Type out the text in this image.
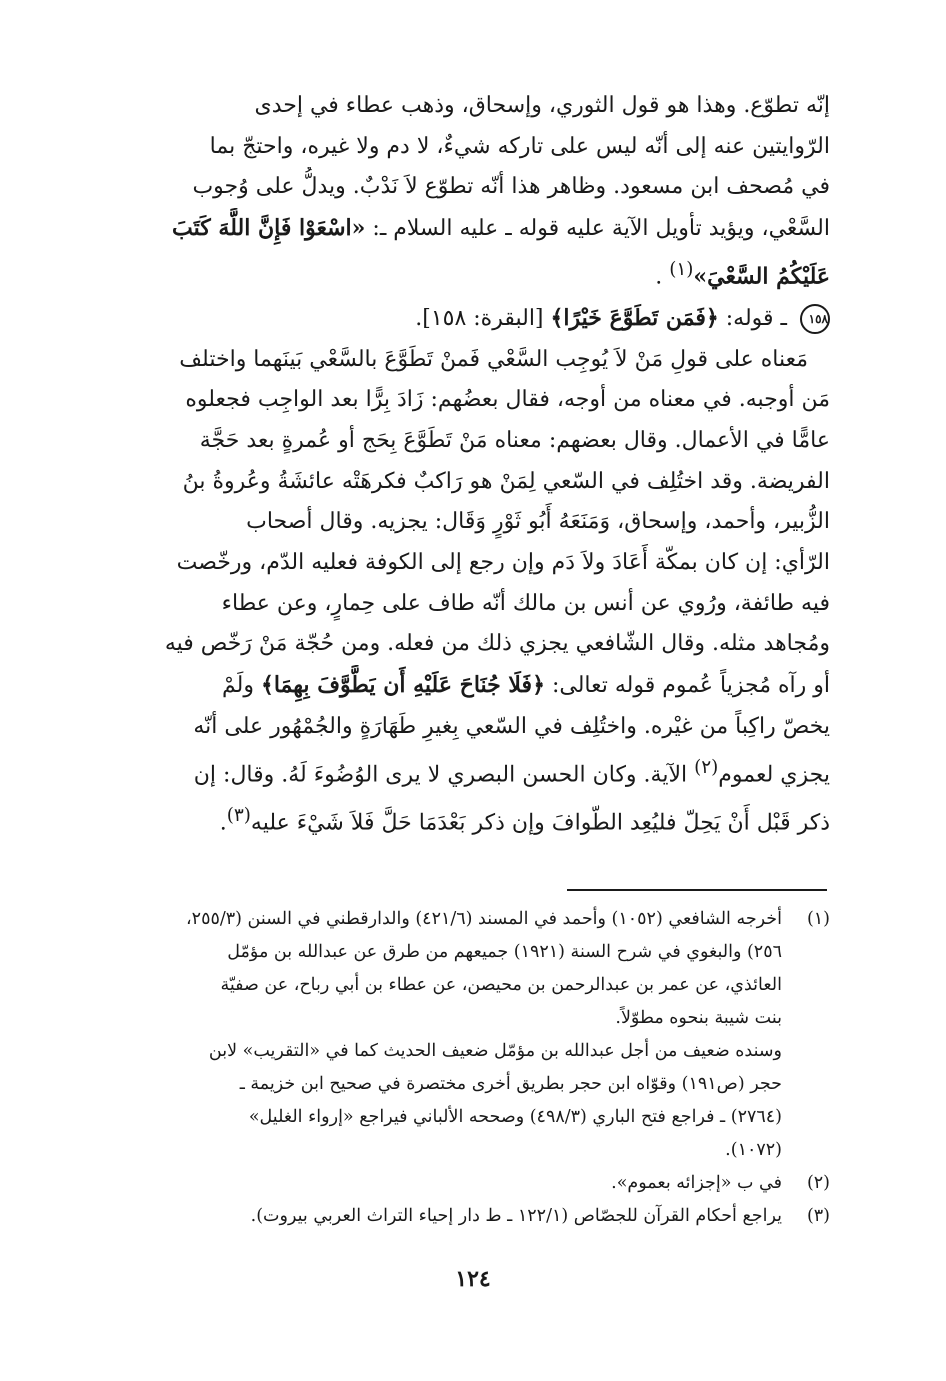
إنّه تطوّع. وهذا هو قول الثوري، وإسحاق، وذهب عطاء في إحدى
الرّوايتين عنه إلى أنّه ليس على تاركه شيءٌ، لا دم ولا غيره، واحتجّ بما
في مُصحف ابن مسعود. وظاهر هذا أنّه تطوّع لاَ نَدْبٌ. ويدلُّ على وُجوب
السَّعْي، ويؤيد تأويل الآية عليه قوله ـ عليه السلام ـ: «اسْعَوْا فَإِنَّ اللَّهَ كَتَبَ
عَلَيْكُمُ السَّعْيَ»$^{(١)}$ .

١٥٨ ـ قوله: ﴿فَمَن تَطَوَّعَ خَيْرًا﴾ [البقرة: ١٥٨].

مَعناه على قولِ مَنْ لاَ يُوجِب السَّعْي فَمنْ تَطَوَّعَ بالسَّعْي بَينَهما واختلف
مَن أوجبه. في معناه من أوجه، فقال بعضُهم: زَادَ بِرًّا بعد الواجِب فجعلوه
عامًّا في الأعمال. وقال بعضهم: معناه مَنْ تَطَوَّعَ بِحَج أو عُمرةٍ بعد حَجَّة
الفريضة. وقد اختُلِف في السّعي لِمَنْ هو رَاكبٌ فكرهَتْه عائشَةُ وعُروةُ بنُ
الزُّبير، وأحمد، وإسحاق، وَمَنَعَهُ أَبُو ثَوْرٍ وَقَال: يجزيه. وقال أصحاب
الرّأي: إن كان بمكّة أَعَادَ ولاَ دَم وإن رجع إلى الكوفة فعليه الدّم، ورخّصت
فيه طائفة، ورُوي عن أنس بن مالك أنّه طاف على حِمارٍ، وعن عطاء
ومُجاهد مثله. وقال الشّافعي يجزي ذلك من فعله. ومن حُجّة مَنْ رَخّص فيه
أو رآه مُجزياً عُموم قوله تعالى: ﴿فَلَا جُنَاحَ عَلَيْهِ أَن يَطَّوَّفَ بِهِمَا﴾ ولَمْ
يخصّ راكِباً من غيْره. واختُلِف في السّعي بِغيرِ طَهَارَةٍ والجُمْهُور على أنّه
يجزي لعموم$^{(٢)}$ الآية. وكان الحسن البصري لا يرى الوُضُوءَ لَهُ. وقال: إن
ذكر قَبْل أَنْ يَحِلّ فليُعِد الطّوافَ وإن ذكر بَعْدَمَا حَلَّ فَلاَ شَيْءَ عليه$^{(٣)}$.

(١)
أخرجه الشافعي (١٠٥٢) وأحمد في المسند (٤٢١/٦) والدارقطني في السنن (٢٥٥/٣،
٢٥٦) والبغوي في شرح السنة (١٩٢١) جميعهم من طرق عن عبدالله بن مؤمّل
العائذي، عن عمر بن عبدالرحمن بن محيصن، عن عطاء بن أبي رباح، عن صفيّة
بنت شيبة بنحوه مطوّلاً.
وسنده ضعيف من أجل عبدالله بن مؤمّل ضعيف الحديث كما في «التقريب» لابن
حجر (ص١٩١) وقوّاه ابن حجر بطريق أخرى مختصرة في صحيح ابن خزيمة ـ
(٢٧٦٤) ـ فراجع فتح الباري (٤٩٨/٣) وصححه الألباني فيراجع «إرواء الغليل»
(١٠٧٢).
(٢)
في ب «إجزائه بعموم».
(٣)
يراجع أحكام القرآن للجصّاص (١٢٢/١ ـ ط دار إحياء التراث العربي بيروت).
١٢٤
